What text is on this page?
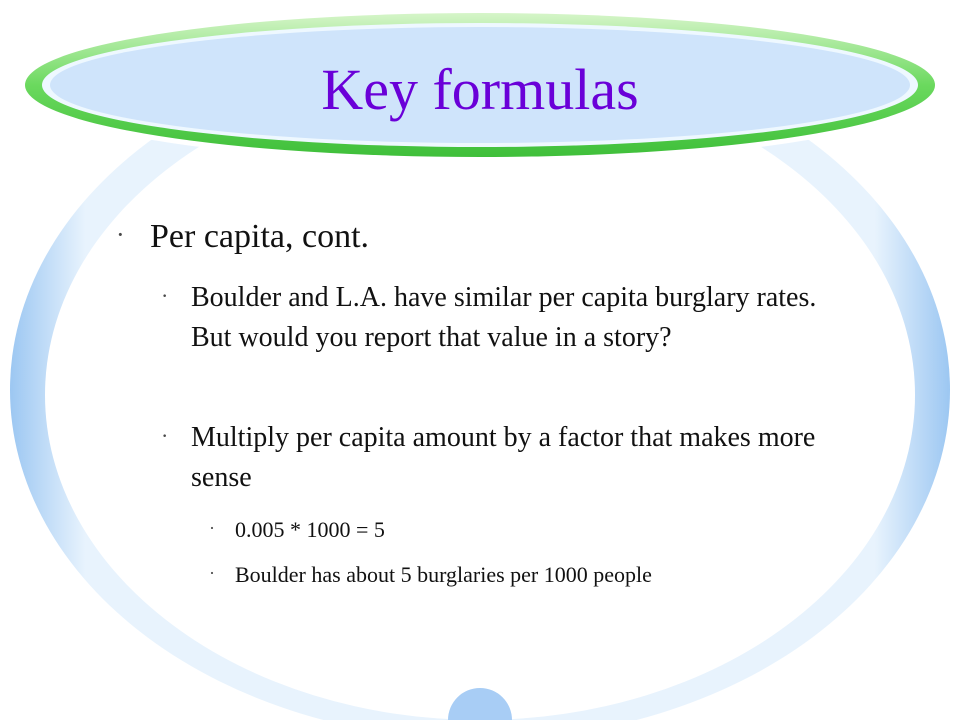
Key formulas
· Per capita, cont.
· Boulder and L.A. have similar per capita burglary rates. But would you report that value in a story?
· Multiply per capita amount by a factor that makes more sense
· 0.005 * 1000 = 5
· Boulder has about 5 burglaries per 1000 people
